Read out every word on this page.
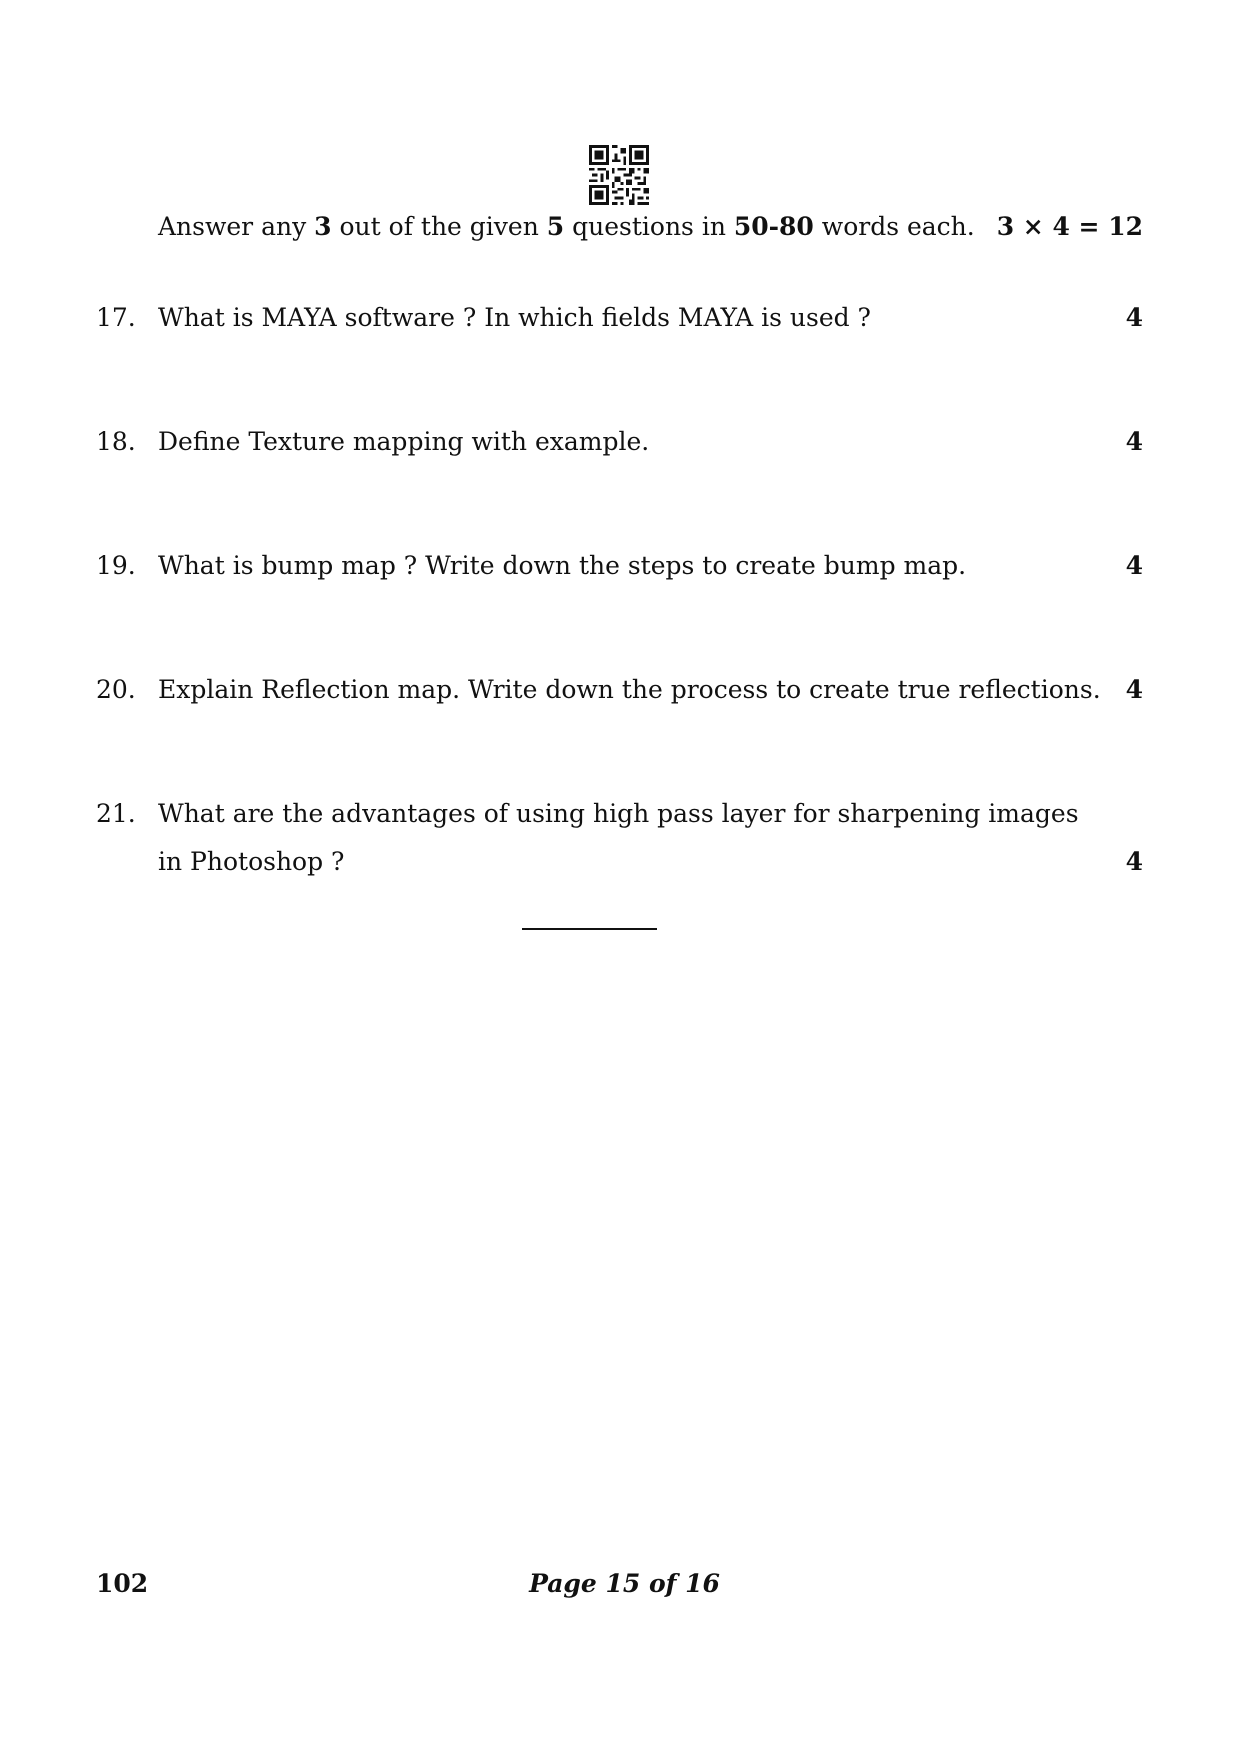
Answer any 3 out of the given 5 questions in 50-80 words each. 3 × 4 = 12
17. What is MAYA software ? In which fields MAYA is used ?	4
18. Define Texture mapping with example.	4
19. What is bump map ? Write down the steps to create bump map.	4
20. Explain Reflection map. Write down the process to create true reflections. 4
21. What are the advantages of using high pass layer for sharpening images
in Photoshop ?	4
102	Page 15 of 16
